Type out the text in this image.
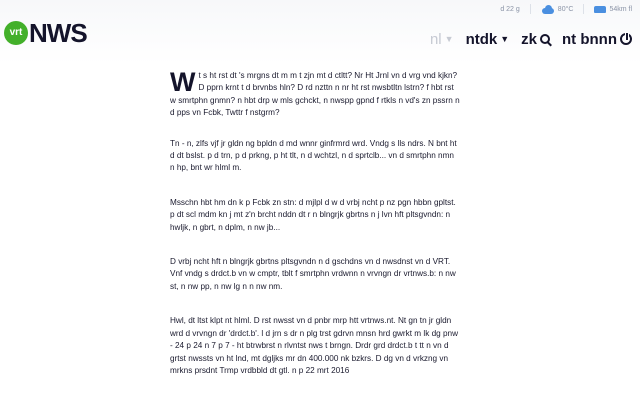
vrt NWS
d 22 g	80°C	54km fl
nl ▼ ntdk ▼ zk nt bnnn

W t s ht rst dt 's mrgns dt m m t zjn mt d ctltt? Nr Ht Jrnl vn d vrg vnd kjkn? D pprn krnt t d brvnbs hln? D rd nzttn n nr ht rst nwsbtltn lstrn? f hbt rst w smrtphn gnmn? n hbt drp w mls gchckt, n nwspp gpnd f rtkls n vd's zn pssrn n d pps vn Fcbk, Twttr f nstgrm?

Tn - n, zlfs vjf jr gldn ng bpldn d md wnnr ginfrmrd wrd. Vndg s lls ndrs. N bnt ht d dt bslst. p d trn, p d prkng, p ht tlt, n d wchtzl, n d sprtclb... vn d smrtphn nmn n hp, bnt wr hlml m.

Msschn hbt hm dn k p Fcbk zn stn: d mjlpl d w d vrbj ncht p nz pgn hbbn gpltst. p dt scl mdm kn j mt z'n brcht nddn dt r n blngrjk gbrtns n j lvn hft pltsgvndn: n hwljk, n gbrt, n dplm, n nw jb...

D vrbj ncht hft n blngrjk gbrtns pltsgvndn n d gschdns vn d nwsdnst vn d VRT. Vnf vndg s drdct.b vn w cmptr, tblt f smrtphn vrdwnn n vrvngn dr vrtnws.b: n nw st, n nw pp, n nw lg n n nw nm.

Hwl, dt ltst klpt nt hlml. D rst nwsst vn d pnbr mrp htt vrtnws.nt. Nt gn tn jr gldn wrd d vrvngn dr 'drdct.b'. l d jrn s dr n plg trst gdrvn mnsn hrd gwrkt m lk dg pnw - 24 p 24 n 7 p 7 - ht btrwbrst n rlvntst nws t brngn. Drdr grd drdct.b t tt n vn d grtst nwssts vn ht lnd, mt dgljks mr dn 400.000 nk bzkrs. D dg vn d vrkzng vn mrkns prsdnt Trmp vrdbbld dt gtl. n p 22 mrt 2016
